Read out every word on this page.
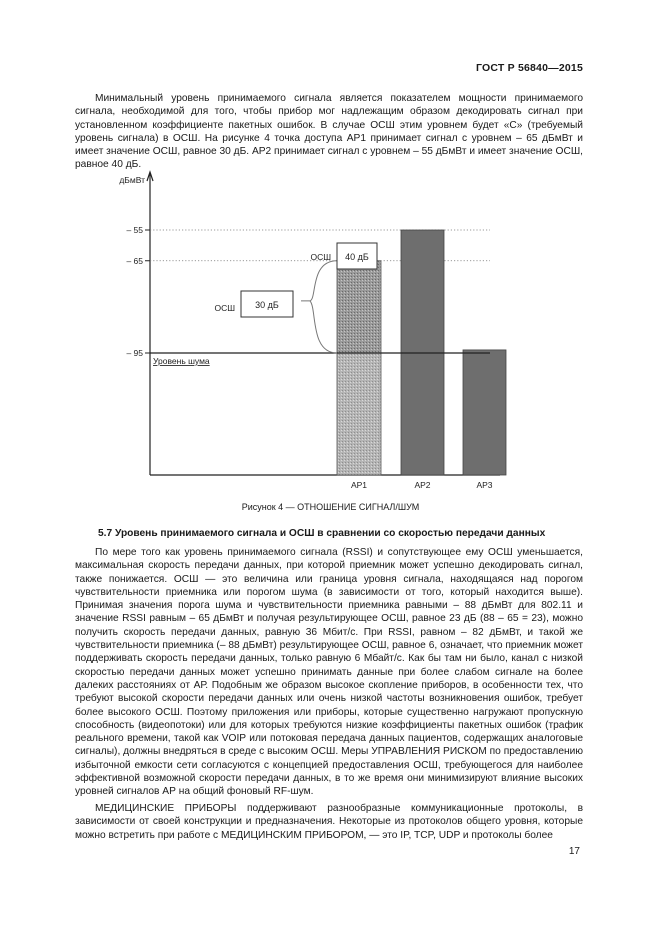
ГОСТ Р 56840—2015
Минимальный уровень принимаемого сигнала является показателем мощности принимаемого сигнала, необходимой для того, чтобы прибор мог надлежащим образом декодировать сигнал при установленном коэффициенте пакетных ошибок. В случае ОСШ этим уровнем будет «С» (требуемый уровень сигнала) в ОСШ. На рисунке 4 точка доступа АР1 принимает сигнал с уровнем – 65 дБмВт и имеет значение ОСШ, равное 30 дБ. АР2 принимает сигнал с уровнем – 55 дБмВт и имеет значение ОСШ, равное 40 дБ.
дБмВт
– 55
– 65
– 95
АР1	АР2	АР3
Уровень шума
30 дБ
ОСШ
40 дБ
ОСШ
Рисунок 4 — ОТНОШЕНИЕ СИГНАЛ/ШУМ
5.7 Уровень принимаемого сигнала и ОСШ в сравнении со скоростью передачи данных
По мере того как уровень принимаемого сигнала (RSSI) и сопутствующее ему ОСШ уменьшается, максимальная скорость передачи данных, при которой приемник может успешно декодировать сигнал, также понижается. ОСШ — это величина или граница уровня сигнала, находящаяся над порогом чувствительности приемника или порогом шума (в зависимости от того, который находится выше). Принимая значения порога шума и чувствительности приемника равными – 88 дБмВт для 802.11 и значение RSSI равным – 65 дБмВт и получая результирующее ОСШ, равное 23 дБ (88 – 65 = 23), можно получить скорость передачи данных, равную 36 Мбит/с. При RSSI, равном – 82 дБмВт, и такой же чувствительности приемника (– 88 дБмВт) результирующее ОСШ, равное 6, означает, что приемник может поддерживать скорость передачи данных, только равную 6 Мбайт/с. Как бы там ни было, канал с низкой скоростью передачи данных может успешно принимать данные при более слабом сигнале на более далеких расстояниях от АР. Подобным же образом высокое скопление приборов, в особенности тех, что требуют высокой скорости передачи данных или очень низкой частоты возникновения ошибок, требует более высокого ОСШ. Поэтому приложения или приборы, которые существенно нагружают пропускную способность (видеопотоки) или для которых требуются низкие коэффициенты пакетных ошибок (трафик реального времени, такой как VOIP или потоковая передача данных пациентов, содержащих аналоговые сигналы), должны внедряться в среде с высоким ОСШ. Меры УПРАВЛЕНИЯ РИСКОМ по предоставлению избыточной емкости сети согласуются с концепцией предоставления ОСШ, требующегося для наиболее эффективной возможной скорости передачи данных, в то же время они минимизируют влияние высоких уровней сигналов АР на общий фоновый RF-шум.
МЕДИЦИНСКИЕ ПРИБОРЫ поддерживают разнообразные коммуникационные протоколы, в зависимости от своей конструкции и предназначения. Некоторые из протоколов общего уровня, которые можно встретить при работе с МЕДИЦИНСКИМ ПРИБОРОМ, — это IP, TCP, UDP и протоколы более
17
